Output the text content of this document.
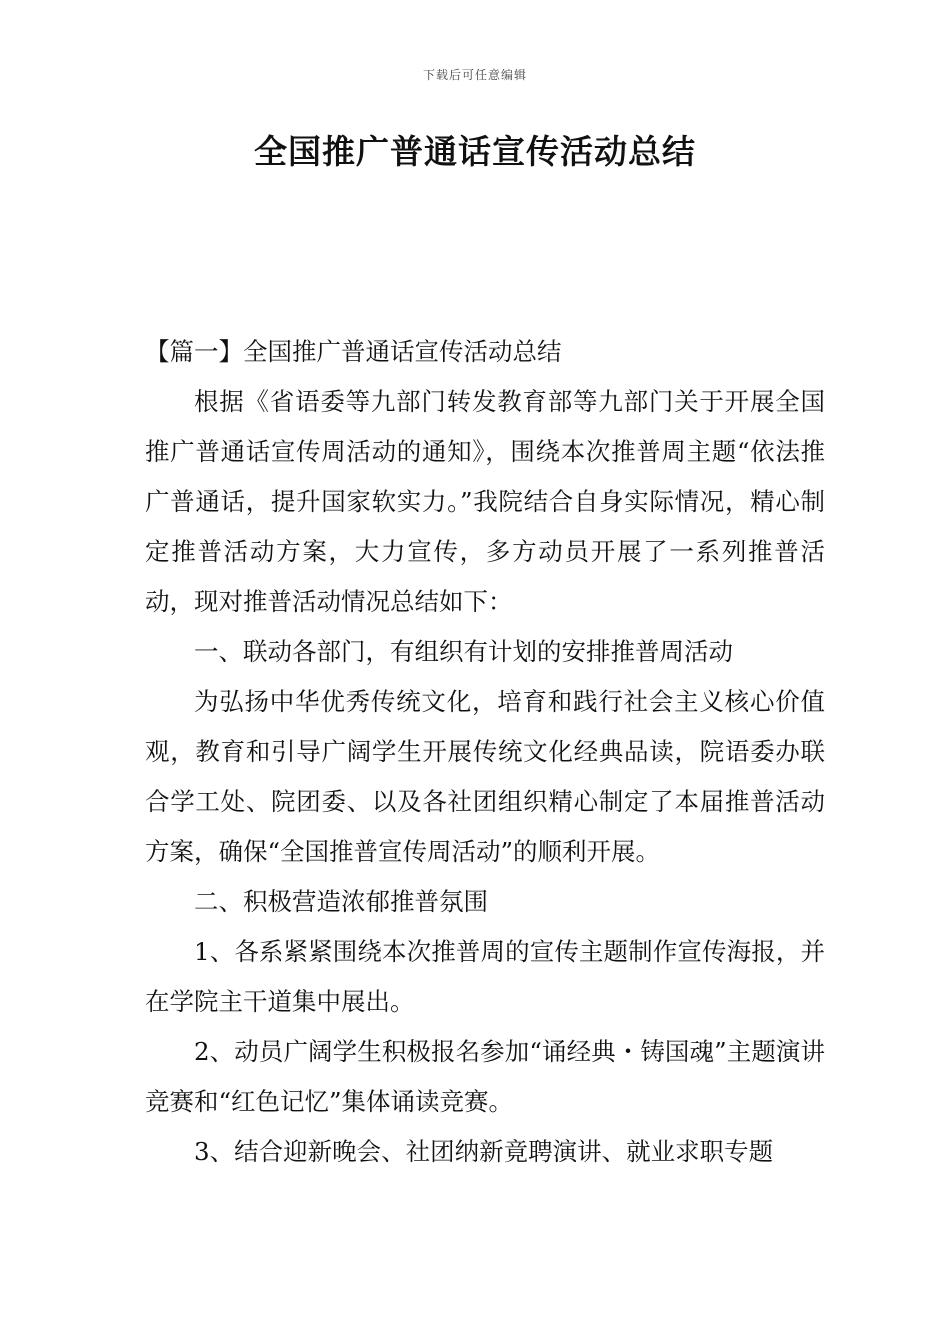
下载后可任意编辑
全国推广普通话宣传活动总结

【篇一】全国推广普通话宣传活动总结

根据《省语委等九部门转发教育部等九部门关于开展全国推广普通话宣传周活动的通知》，围绕本次推普周主题“依法推广普通话，提升国家软实力。”我院结合自身实际情况，精心制定推普活动方案，大力宣传，多方动员开展了一系列推普活动，现对推普活动情况总结如下：

一、联动各部门，有组织有计划的安排推普周活动

为弘扬中华优秀传统文化，培育和践行社会主义核心价值观，教育和引导广阔学生开展传统文化经典品读，院语委办联合学工处、院团委、以及各社团组织精心制定了本届推普活动方案，确保“全国推普宣传周活动”的顺利开展。

二、积极营造浓郁推普氛围

1、各系紧紧围绕本次推普周的宣传主题制作宣传海报，并在学院主干道集中展出。

2、动员广阔学生积极报名参加“诵经典・铸国魂”主题演讲竞赛和“红色记忆”集体诵读竞赛。

3、结合迎新晚会、社团纳新竟聘演讲、就业求职专题
